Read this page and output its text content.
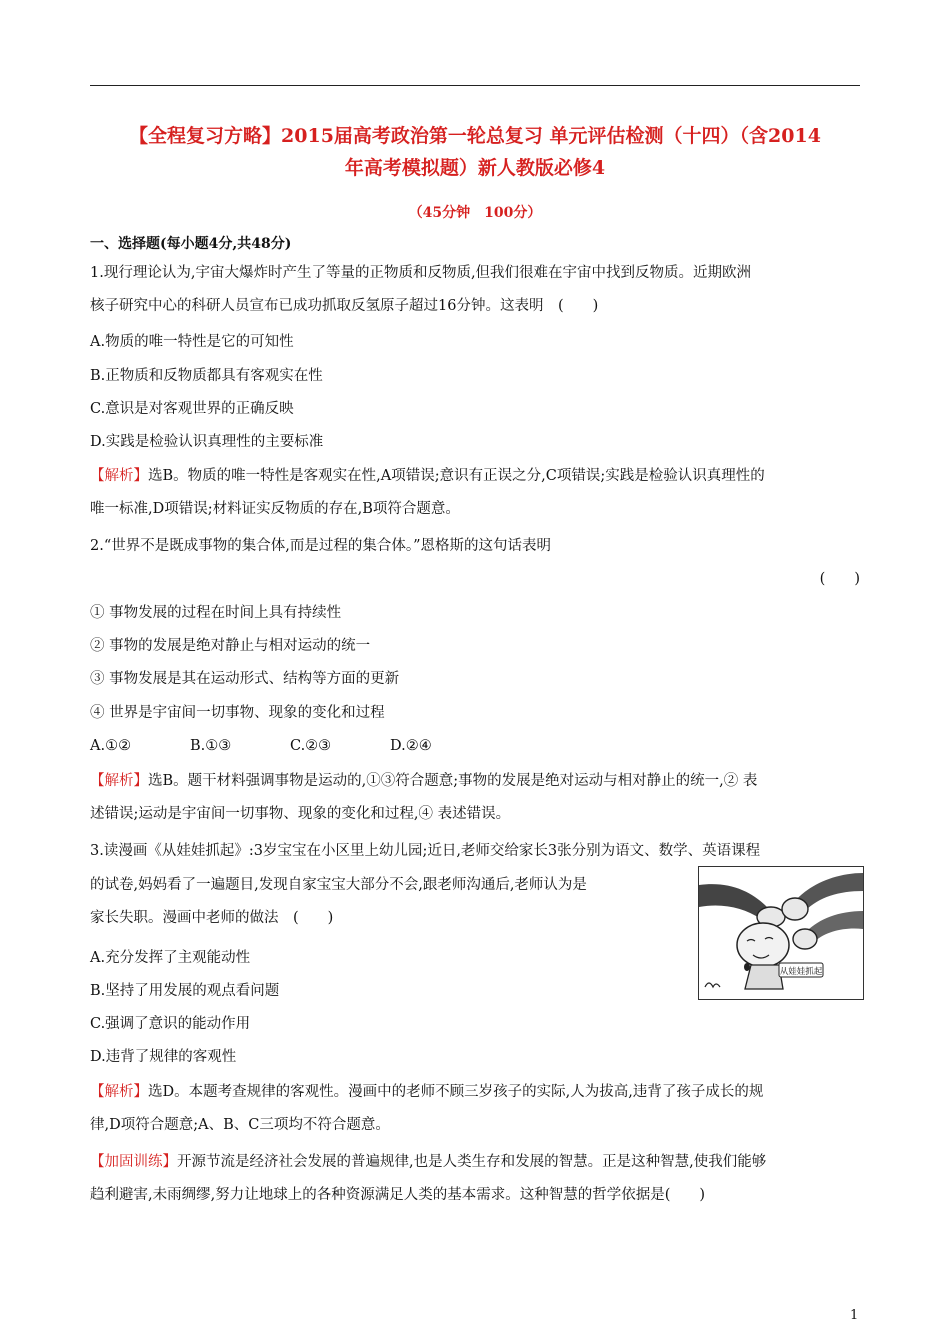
【全程复习方略】2015届高考政治第一轮总复习 单元评估检测（十四）（含2014
年高考模拟题）新人教版必修4
（45分钟　100分）
一、选择题(每小题4分,共48分)
1.现行理论认为,宇宙大爆炸时产生了等量的正物质和反物质,但我们很难在宇宙中找到反物质。近期欧洲
核子研究中心的科研人员宣布已成功抓取反氢原子超过16分钟。这表明　(　　)
A.物质的唯一特性是它的可知性
B.正物质和反物质都具有客观实在性
C.意识是对客观世界的正确反映
D.实践是检验认识真理性的主要标准
【解析】选B。物质的唯一特性是客观实在性,A项错误;意识有正误之分,C项错误;实践是检验认识真理性的
唯一标准,D项错误;材料证实反物质的存在,B项符合题意。
2.“世界不是既成事物的集合体,而是过程的集合体。”恩格斯的这句话表明
(　　)
① 事物发展的过程在时间上具有持续性
② 事物的发展是绝对静止与相对运动的统一
③ 事物发展是其在运动形式、结构等方面的更新
④ 世界是宇宙间一切事物、现象的变化和过程
A.①②	B.①③	C.②③	D.②④
【解析】选B。题干材料强调事物是运动的,①③符合题意;事物的发展是绝对运动与相对静止的统一,② 表
述错误;运动是宇宙间一切事物、现象的变化和过程,④ 表述错误。
3.读漫画《从娃娃抓起》:3岁宝宝在小区里上幼儿园;近日,老师交给家长3张分别为语文、数学、英语课程
的试卷,妈妈看了一遍题目,发现自家宝宝大部分不会,跟老师沟通后,老师认为是
家长失职。漫画中老师的做法　(　　)
A.充分发挥了主观能动性
B.坚持了用发展的观点看问题
C.强调了意识的能动作用
D.违背了规律的客观性
从娃娃抓起
【解析】选D。本题考查规律的客观性。漫画中的老师不顾三岁孩子的实际,人为拔高,违背了孩子成长的规
律,D项符合题意;A、B、C三项均不符合题意。
【加固训练】开源节流是经济社会发展的普遍规律,也是人类生存和发展的智慧。正是这种智慧,使我们能够
趋利避害,未雨绸缪,努力让地球上的各种资源满足人类的基本需求。这种智慧的哲学依据是(　　)
1
